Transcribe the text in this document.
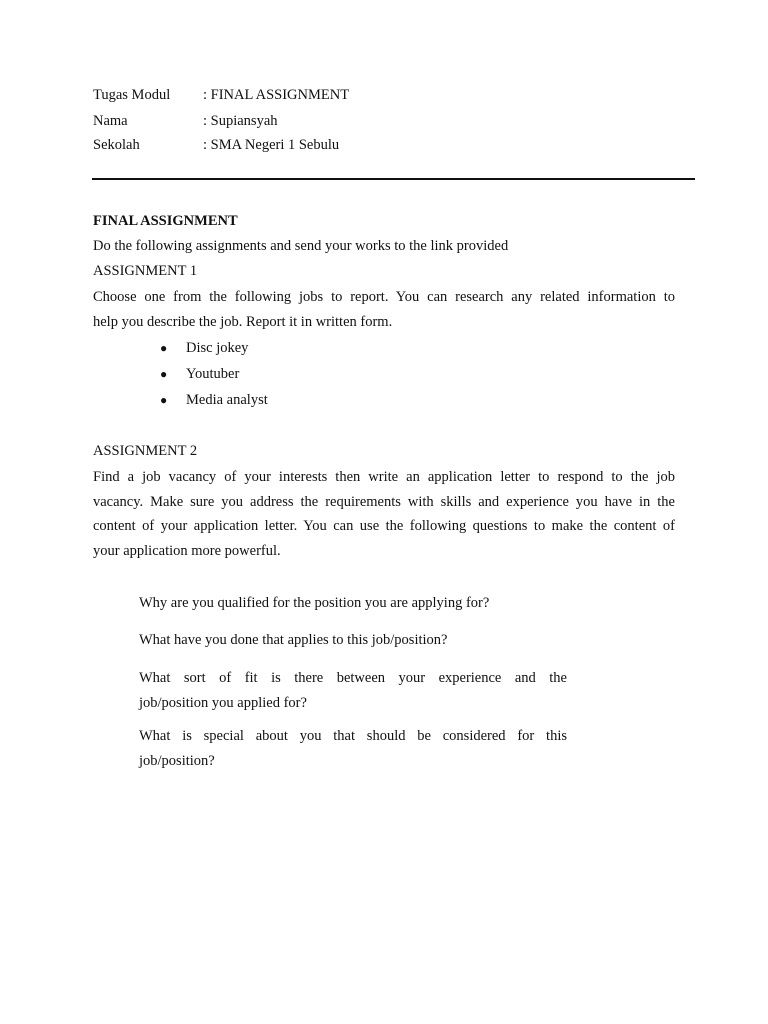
Tugas Modul : FINAL ASSIGNMENT
Nama	: Supiansyah
Sekolah	: SMA Negeri 1 Sebulu
FINAL ASSIGNMENT
Do the following assignments and send your works to the link provided
ASSIGNMENT 1
Choose one from the following jobs to report. You can research any related information to
help you describe the job. Report it in written form.
● Disc jokey
● Youtuber
● Media analyst
ASSIGNMENT 2
Find a job vacancy of your interests then write an application letter to respond to the job
vacancy. Make sure you address the requirements with skills and experience you have in the
content of your application letter. You can use the following questions to make the content of
your application more powerful.
Why are you qualified for the position you are applying for?
What have you done that applies to this job/position?
What sort of fit is there between your experience and the
job/position you applied for?
What is special about you that should be considered for this
job/position?
